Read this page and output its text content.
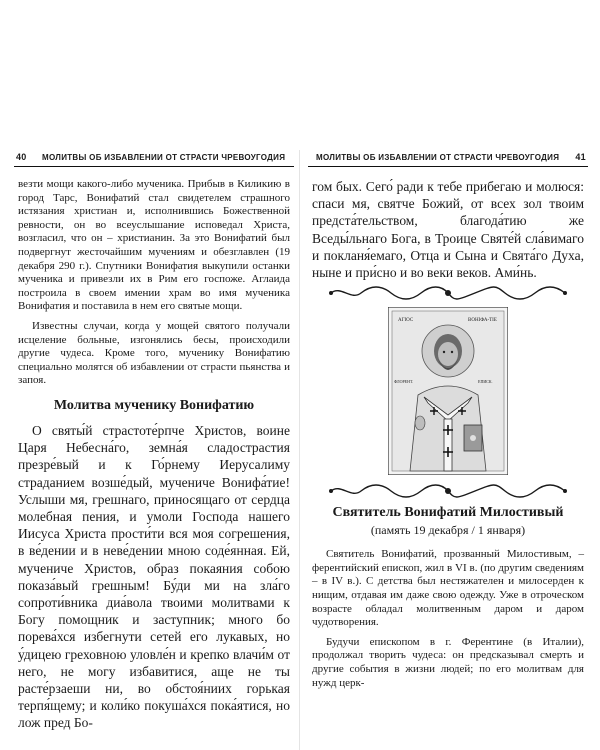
40 МОЛИТВЫ ОБ ИЗБАВЛЕНИИ ОТ СТРАСТИ ЧРЕВОУГОДИЯ

везти мощи какого-либо мученика. Прибыв в Киликию в город Тарс, Вонифатий стал свидетелем страшного истязания христиан и, исполнившись Божественной ревности, он во всеуслышание исповедал Христа, возгласил, что он – христианин. За это Вонифатий был подвергнут жесточайшим мучениям и обезглавлен (19 декабря 290 г.). Спутники Вонифатия выкупили останки мученика и привезли их в Рим его госпоже. Аглаида построила в своем имении храм во имя мученика Вонифатия и поставила в нем его святые мощи.

Известны случаи, когда у мощей святого получали исцеление больные, изгонялись бесы, происходили другие чудеса. Кроме того, мученику Вонифатию специально молятся об избавлении от страсти пьянства и запоя.

Молитва мученику Вонифатию

О святы́й страстоте́рпче Христов, воине Царя Небесна́го, земна́я сладострастия презре́вый и к Го́рнему Иерусалиму страданием возше́дый, мучениче Вонифа́тие! Услыши мя, грешнаго, приносящаго от сердца молебная пения, и умоли Господа нашего Иисуса Христа прости́ти вся моя согрешения, в ве́дении и в неве́дении мною соде́янная. Ей, мучениче Христов, образ покаяния собою показа́вый грешным! Бу́ди ми на зла́го сопроти́вника диа́вола твоими молитвами к Богу помощник и заступник; много бо порева́хся избегнути сетей его лукавых, но у́дицею греховною уловле́н и крепко влачи́м от него, не могу избавитися, аще не ты расте́рзаеши ни, во обстоя́ниих горькая терпя́щему; и коли́ко покуша́хся пока́ятися, но лож пред Бо-

МОЛИТВЫ ОБ ИЗБАВЛЕНИИ ОТ СТРАСТИ ЧРЕВОУГОДИЯ 41

гом бых. Сего́ ради к тебе прибегаю и молюся: спаси мя, святче Божий, от всех зол твоим предста́тельством, благода́тию же Вседы́льнаго Бога, в Троице Святе́й сла́вимаго и покланя́емаго, Отца и Сына и Свята́го Духа, нынe и при́сно и во веки веков. Ами́нь.

АГІОС	ВОНІФА-ТІЕ
ФЛОРЕНТ.	ЕПИСК.
Святитель Вонифатий Милостивый
(память 19 декабря / 1 января)

Святитель Вонифатий, прозванный Милостивым, – ферентийский епископ, жил в VI в. (по другим сведениям – в IV в.). С детства был нестяжателен и милосерден к нищим, отдавая им даже свою одежду. Уже в отроческом возрасте обладал молитвенным даром и даром чудотворения.

Будучи епископом в г. Ферентине (в Италии), продолжал творить чудеса: он предсказывал смерть и другие события в жизни людей; по его молитвам для нужд церк-
